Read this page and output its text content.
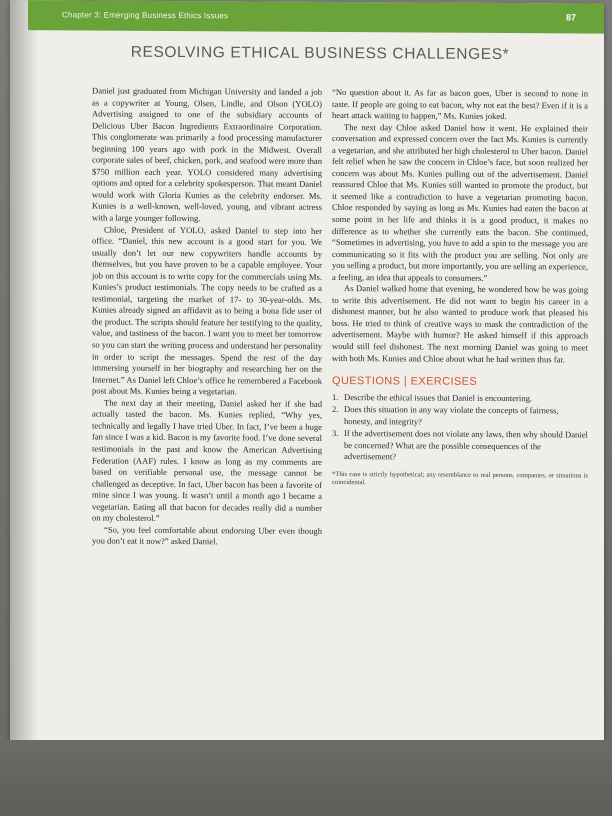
Chapter 3: Emerging Business Ethics Issues	87
RESOLVING ETHICAL BUSINESS CHALLENGES*

Daniel just graduated from Michigan University and landed a job as a copywriter at Young, Olsen, Lindle, and Olson (YOLO) Advertising assigned to one of the subsidiary accounts of Delicious Uber Bacon Ingredients Extraordinaire Corporation. This conglomerate was primarily a food processing manufacturer beginning 100 years ago with pork in the Midwest. Overall corporate sales of beef, chicken, pork, and seafood were more than $750 million each year. YOLO considered many advertising options and opted for a celebrity spokesperson. That meant Daniel would work with Gloria Kunies as the celebrity endorser. Ms. Kunies is a well-known, well-loved, young, and vibrant actress with a large younger following.

Chloe, President of YOLO, asked Daniel to step into her office. “Daniel, this new account is a good start for you. We usually don’t let our new copywriters handle accounts by themselves, but you have proven to be a capable employee. Your job on this account is to write copy for the commercials using Ms. Kunies’s product testimonials. The copy needs to be crafted as a testimonial, targeting the market of 17- to 30-year-olds. Ms. Kunies already signed an affidavit as to being a bona fide user of the product. The scripts should feature her testifying to the quality, value, and tastiness of the bacon. I want you to meet her tomorrow so you can start the writing process and understand her personality in order to script the messages. Spend the rest of the day immersing yourself in her biography and researching her on the Internet.” As Daniel left Chloe’s office he remembered a Facebook post about Ms. Kunies being a vegetarian.

The next day at their meeting, Daniel asked her if she had actually tasted the bacon. Ms. Kunies replied, “Why yes, technically and legally I have tried Uber. In fact, I’ve been a huge fan since I was a kid. Bacon is my favorite food. I’ve done several testimonials in the past and know the American Advertising Federation (AAF) rules. I know as long as my comments are based on verifiable personal use, the message cannot be challenged as deceptive. In fact, Uber bacon has been a favorite of mine since I was young. It wasn’t until a month ago I became a vegetarian. Eating all that bacon for decades really did a number on my cholesterol.”

“So, you feel comfortable about endorsing Uber even though you don’t eat it now?” asked Daniel.

“No question about it. As far as bacon goes, Uber is second to none in taste. If people are going to eat bacon, why not eat the best? Even if it is a heart attack waiting to happen,” Ms. Kunies joked.

The next day Chloe asked Daniel how it went. He explained their conversation and expressed concern over the fact Ms. Kunies is currently a vegetarian, and she attributed her high cholesterol to Uber bacon. Daniel felt relief when he saw the concern in Chloe’s face, but soon realized her concern was about Ms. Kunies pulling out of the advertisement. Daniel reassured Chloe that Ms. Kunies still wanted to promote the product, but it seemed like a contradiction to have a vegetarian promoting bacon. Chloe responded by saying as long as Ms. Kunies had eaten the bacon at some point in her life and thinks it is a good product, it makes no difference as to whether she currently eats the bacon. She continued, “Sometimes in advertising, you have to add a spin to the message you are communicating so it fits with the product you are selling. Not only are you selling a product, but more importantly, you are selling an experience, a feeling, an idea that appeals to consumers.”

As Daniel walked home that evening, he wondered how he was going to write this advertisement. He did not want to begin his career in a dishonest manner, but he also wanted to produce work that pleased his boss. He tried to think of creative ways to mask the contradiction of the advertisement. Maybe with humor? He asked himself if this approach would still feel dishonest. The next morning Daniel was going to meet with both Ms. Kunies and Chloe about what he had written thus far.

QUESTIONS | EXERCISES
1. Describe the ethical issues that Daniel is encountering.
2. Does this situation in any way violate the concepts of fairness, honesty, and integrity?
3. If the advertisement does not violate any laws, then why should Daniel be concerned? What are the possible consequences of the advertisement?
*This case is strictly hypothetical; any resemblance to real persons, companies, or situations is coincidental.
